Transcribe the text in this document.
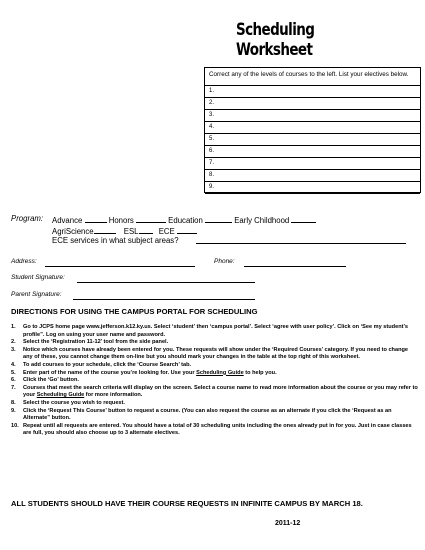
Scheduling Worksheet
Correct any of the levels of courses to the left. List your electives below.
1.
2.
3.
4.
5.
6.
7.
8.
9.
Program: Advance	Honors	Education	Early Childhood
AgriScience	ESL	ECE
ECE services in what subject areas?
Address:	Phone:
Student Signature:
Parent Signature:
DIRECTIONS FOR USING THE CAMPUS PORTAL FOR SCHEDULING
1.	Go to JCPS home page www.jefferson.k12.ky.us. Select ‘student’ then ‘campus portal’. Select ‘agree with user policy’. Click on ‘See my student’s profile”. Log on using your user name and password.
2.	Select the ‘Registration 11-12’ tool from the side panel.
3.	Notice which courses have already been entered for you. These requests will show under the ‘Required Courses’ category. If you need to change any of these, you cannot change them on-line but you should mark your changes in the table at the top right of this worksheet.
4.	To add courses to your schedule, click the ‘Course Search’ tab.
5.	Enter part of the name of the course you’re looking for. Use your Scheduling Guide to help you.
6.	Click the ‘Go’ button.
7.	Courses that meet the search criteria will display on the screen. Select a course name to read more information about the course or you may refer to your Scheduling Guide for more information.
8.	Select the course you wish to request.
9.	Click the ‘Request This Course’ button to request a course. (You can also request the course as an alternate if you click the ‘Request as an Alternate” button.
10. Repeat until all requests are entered. You should have a total of 30 scheduling units including the ones already put in for you. Just in case classes are full, you should also choose up to 3 alternate electives.
ALL STUDENTS SHOULD HAVE THEIR COURSE REQUESTS IN INFINITE CAMPUS BY MARCH 18.
2011-12
